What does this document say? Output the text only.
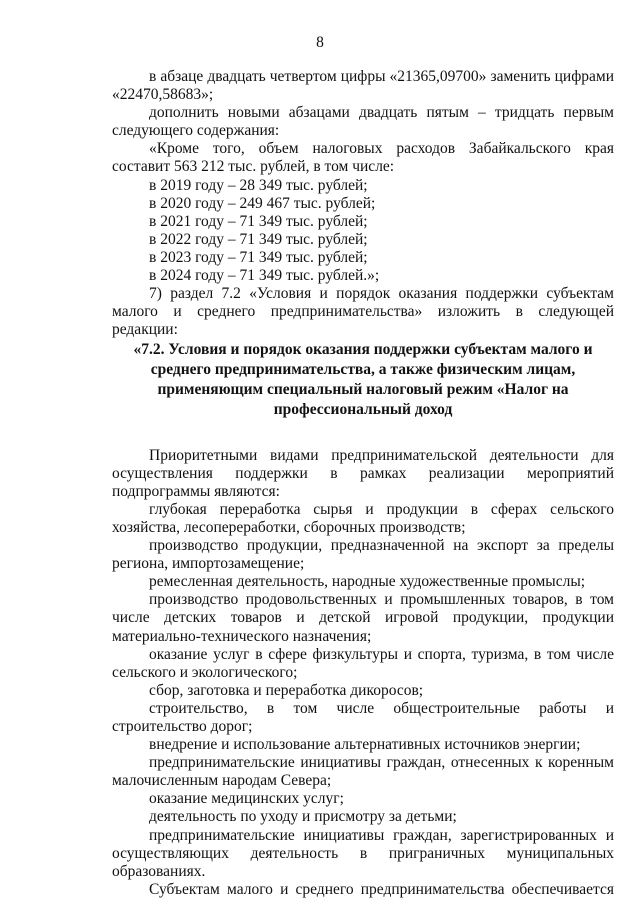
8

в абзаце двадцать четвертом цифры «21365,09700» заменить цифрами «22470,58683»;

дополнить новыми абзацами двадцать пятым – тридцать первым следующего содержания:

«Кроме того, объем налоговых расходов Забайкальского края составит 563 212 тыс. рублей, в том числе:

в 2019 году – 28 349 тыс. рублей;

в 2020 году – 249 467 тыс. рублей;

в 2021 году – 71 349 тыс. рублей;

в 2022 году – 71 349 тыс. рублей;

в 2023 году – 71 349 тыс. рублей;

в 2024 году – 71 349 тыс. рублей.»;

7) раздел 7.2 «Условия и порядок оказания поддержки субъектам малого и среднего предпринимательства» изложить в следующей редакции:

«7.2. Условия и порядок оказания поддержки субъектам малого и среднего предпринимательства, а также физическим лицам, применяющим специальный налоговый режим «Налог на профессиональный доход

Приоритетными видами предпринимательской деятельности для осуществления поддержки в рамках реализации мероприятий подпрограммы являются:

глубокая переработка сырья и продукции в сферах сельского хозяйства, лесопереработки, сборочных производств;

производство продукции, предназначенной на экспорт за пределы региона, импортозамещение;

ремесленная деятельность, народные художественные промыслы;

производство продовольственных и промышленных товаров, в том числе детских товаров и детской игровой продукции, продукции материально-технического назначения;

оказание услуг в сфере физкультуры и спорта, туризма, в том числе сельского и экологического;

сбор, заготовка и переработка дикоросов;

строительство, в том числе общестроительные работы и строительство дорог;

внедрение и использование альтернативных источников энергии;

предпринимательские инициативы граждан, отнесенных к коренным малочисленным народам Севера;

оказание медицинских услуг;

деятельность по уходу и присмотру за детьми;

предпринимательские инициативы граждан, зарегистрированных и осуществляющих деятельность в приграничных муниципальных образованиях.

Субъектам малого и среднего предпринимательства обеспечивается
